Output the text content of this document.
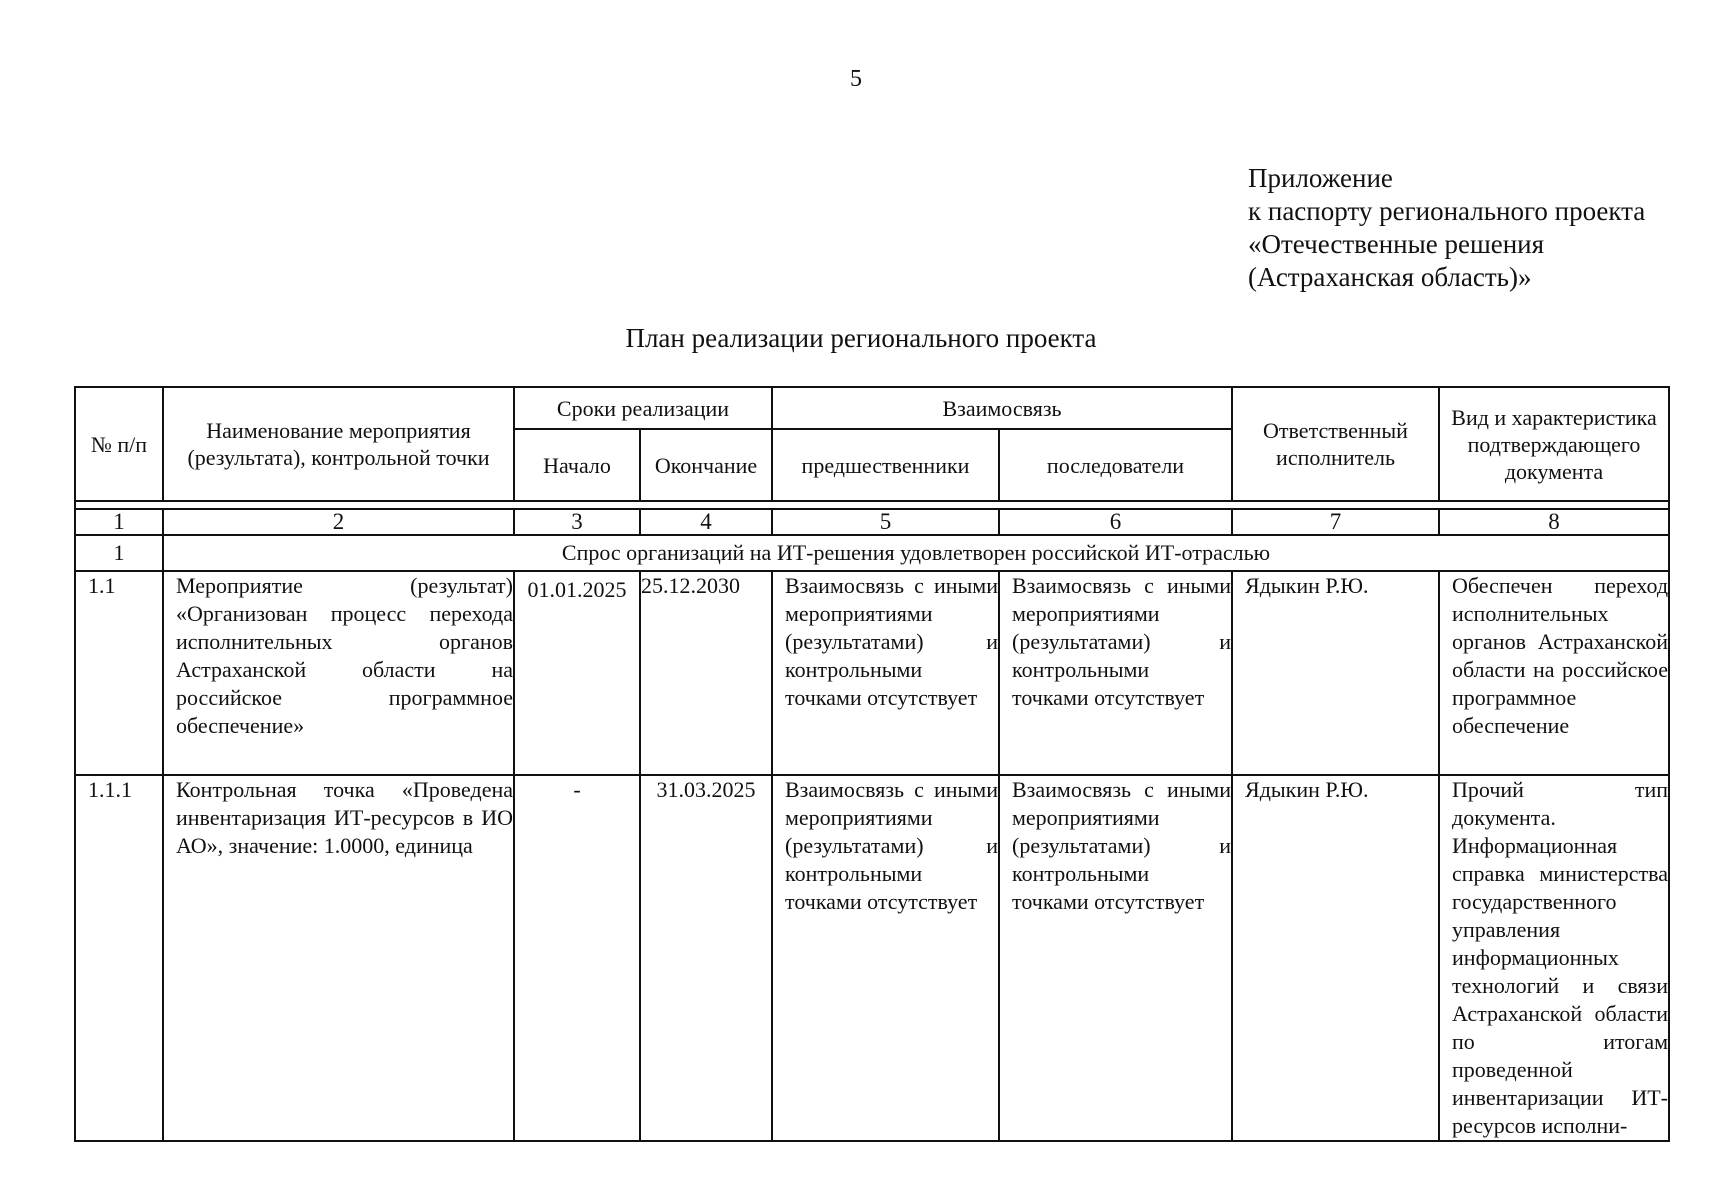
5
Приложение
к паспорту регионального проекта
«Отечественные решения
(Астраханская область)»
План реализации регионального проекта
№ п/п	Наименование мероприятия (результата), контрольной точки	Сроки реализации		Взаимосвязь		Ответственный исполнитель	Вид и характеристика подтверждающего документа
		Начало	Окончание	предшественники	последователи		

1	2	3	4	5	6	7	8
1	Спрос организаций на ИТ-решения удовлетворен российской ИТ-отраслью						
1.1	Мероприятие (результат) «Организован процесс перехода исполнительных органов Астраханской области на российское программное обеспечение»	01.01.2025	25.12.2030	Взаимосвязь с иными мероприятиями (результатами) и контрольными точками отсутствует	Взаимосвязь с иными мероприятиями (результатами) и контрольными точками отсутствует	Ядыкин Р.Ю.	Обеспечен переход исполнительных органов Астраханской области на российское программное обеспечение
1.1.1	Контрольная точка «Проведена инвентаризация ИТ-ресурсов в ИО АО», значение: 1.0000, единица	-	31.03.2025	Взаимосвязь с иными мероприятиями (результатами) и контрольными точками отсутствует	Взаимосвязь с иными мероприятиями (результатами) и контрольными точками отсутствует	Ядыкин Р.Ю.	Прочий тип документа. Информационная справка министерства государственного управления информационных технологий и связи Астраханской области по итогам проведенной инвентаризации ИТ-ресурсов исполни-
